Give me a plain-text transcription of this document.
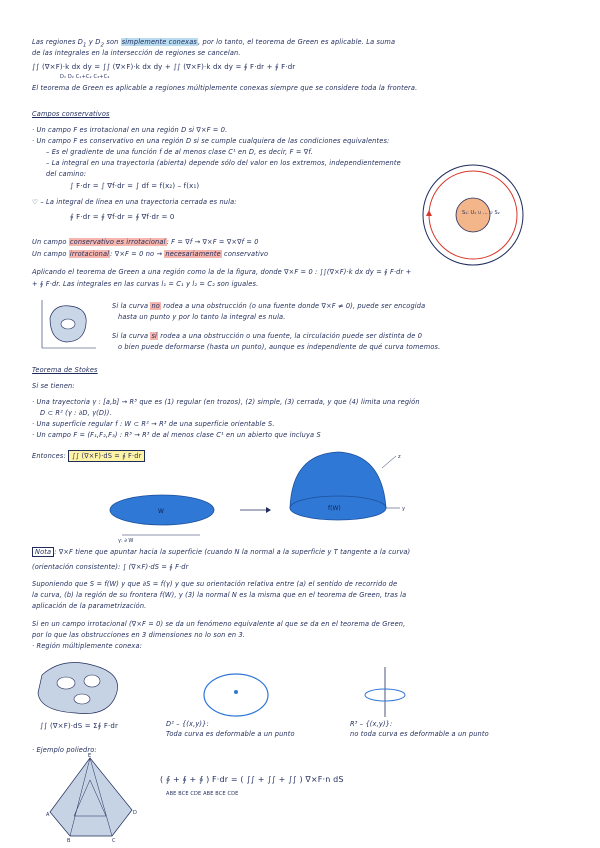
Las regiones $D_1$ y $D_2$ son simplemente conexas, por lo tanto, el teorema de Green es aplicable. La suma
de las integrales en la intersección de regiones se cancelan.
∫∫ (∇×F)·k dx dy = ∫∫ (∇×F)·k dx dy + ∫∫ (∇×F)·k dx dy = ∮ F·dr + ∮ F·dr
D₁ D₂ C₁+C₂ C₃+C₄
El teorema de Green es aplicable a regiones múltiplemente conexas siempre que se considere toda la frontera.
Campos conservativos
· Un campo F es irrotacional en una región D si ∇×F = 0.
· Un campo F es conservativo en una región D si se cumple cualquiera de las condiciones equivalentes:
– Es el gradiente de una función f de al menos clase C¹ en D, es decir, F = ∇f.
– La integral en una trayectoria (abierta) depende sólo del valor en los extremos, independientemente
del camino:
∫ F·dr = ∫ ∇f·dr = ∫ df = f(x₂) – f(x₁)
♡ – La integral de línea en una trayectoria cerrada es nula:
∮ F·dr = ∮ ∇f·dr = ∮ ∇f·dr = 0
Un campo conservativo es irrotacional: F = ∇f → ∇×F = ∇×∇f = 0
Un campo irrotacional: ∇×F = 0 no → necesariamente conservativo
S₁: U₁ ∪ ... ∪ S₂
Aplicando el teorema de Green a una región como la de la figura, donde ∇×F = 0 : ∫∫(∇×F)·k dx dy = ∮ F·dr +
+ ∮ F·dr. Las integrales en las curvas l₁ = C₁ y l₂ = C₂ son iguales.
Si la curva no rodea a una obstrucción (o una fuente donde ∇×F ≠ 0), puede ser encogida
hasta un punto y por lo tanto la integral es nula.
Si la curva sí rodea a una obstrucción o una fuente, la circulación puede ser distinta de 0
o bien puede deformarse (hasta un punto), aunque es independiente de qué curva tomemos.
Teorema de Stokes
Si se tienen:
· Una trayectoria γ : [a,b] → R³ que es (1) regular (en trozos), (2) simple, (3) cerrada, y que (4) limita una región
D ⊂ R² (γ : ∂D, γ(D)).
· Una superficie regular f : W ⊂ R² → R³ de una superficie orientable S.
· Un campo F = (F₁,F₂,F₃) : R³ → R³ de al menos clase C¹ en un abierto que incluya S
Entonces: ∫∫ (∇×F)·dS = ∮ F·dr
W
γ: ∂ W
f(W)	y
z
Nota : ∇×F tiene que apuntar hacia la superficie (cuando N la normal a la superficie y T tangente a la curva)
(orientación consistente): ∫ (∇×F)·dS = ∮ F·dr
Suponiendo que S = f(W) y que ∂S = f(γ) y que su orientación relativa entre (a) el sentido de recorrido de
la curva, (b) la región de su frontera f(W), y (3) la normal N es la misma que en el teorema de Green, tras la
aplicación de la parametrización.
Si en un campo irrotacional (∇×F = 0) se da un fenómeno equivalente al que se da en el teorema de Green,
por lo que las obstrucciones en 3 dimensiones no lo son en 3.
· Región múltiplemente conexa:
∫∫ (∇×F)·dS = Σ∮ F·dr	D² – {(x,y)}:
Toda curva es deformable a un punto
R³ – {(x,y)}:
no toda curva es deformable a un punto
· Ejemplo poliedro:
A
B	C
D
E
( ∮ + ∮ + ∮ ) F·dr = ( ∫∫ + ∫∫ + ∫∫ ) ∇×F·n dS
ABE BCE CDE ABE BCE CDE
